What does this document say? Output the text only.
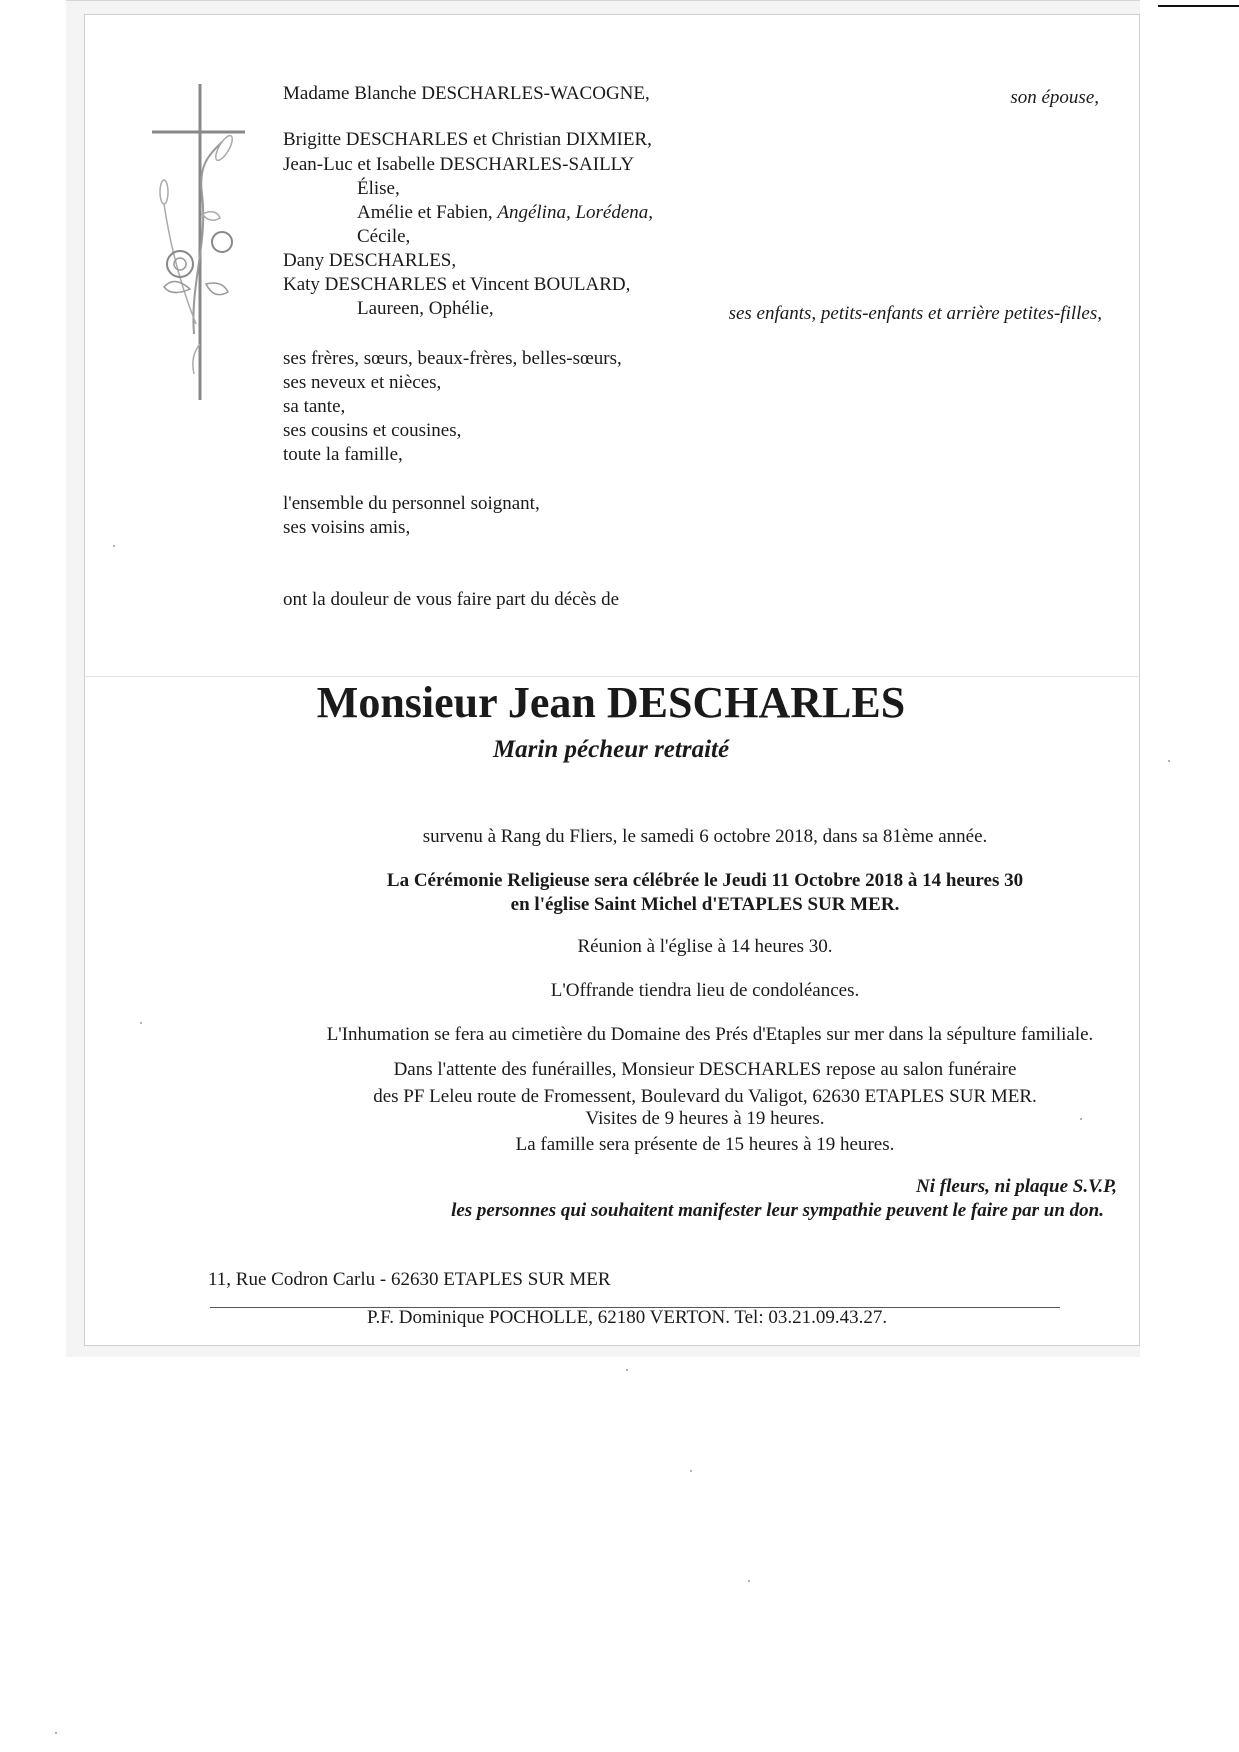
Madame Blanche DESCHARLES-WACOGNE,	son épouse,
Brigitte DESCHARLES et Christian DIXMIER,
Jean-Luc et Isabelle DESCHARLES-SAILLY
Élise,
Amélie et Fabien, Angélina, Lorédena,
Cécile,
Dany DESCHARLES,
Katy DESCHARLES et Vincent BOULARD,
Laureen, Ophélie,	ses enfants, petits-enfants et arrière petites-filles,
ses frères, sœurs, beaux-frères, belles-sœurs,
ses neveux et nièces,
sa tante,
ses cousins et cousines,
toute la famille,
l'ensemble du personnel soignant,
ses voisins amis,
ont la douleur de vous faire part du décès de
Monsieur Jean DESCHARLES
Marin pécheur retraité
survenu à Rang du Fliers, le samedi 6 octobre 2018, dans sa 81ème année.
La Cérémonie Religieuse sera célébrée le Jeudi 11 Octobre 2018 à 14 heures 30
en l'église Saint Michel d'ETAPLES SUR MER.
Réunion à l'église à 14 heures 30.
L'Offrande tiendra lieu de condoléances.
L'Inhumation se fera au cimetière du Domaine des Prés d'Etaples sur mer dans la sépulture familiale.
Dans l'attente des funérailles, Monsieur DESCHARLES repose au salon funéraire
des PF Leleu route de Fromessent, Boulevard du Valigot, 62630 ETAPLES SUR MER.
Visites de 9 heures à 19 heures.
La famille sera présente de 15 heures à 19 heures.
Ni fleurs, ni plaque S.V.P,
les personnes qui souhaitent manifester leur sympathie peuvent le faire par un don.
11, Rue Codron Carlu - 62630 ETAPLES SUR MER
P.F. Dominique POCHOLLE, 62180 VERTON. Tel: 03.21.09.43.27.
